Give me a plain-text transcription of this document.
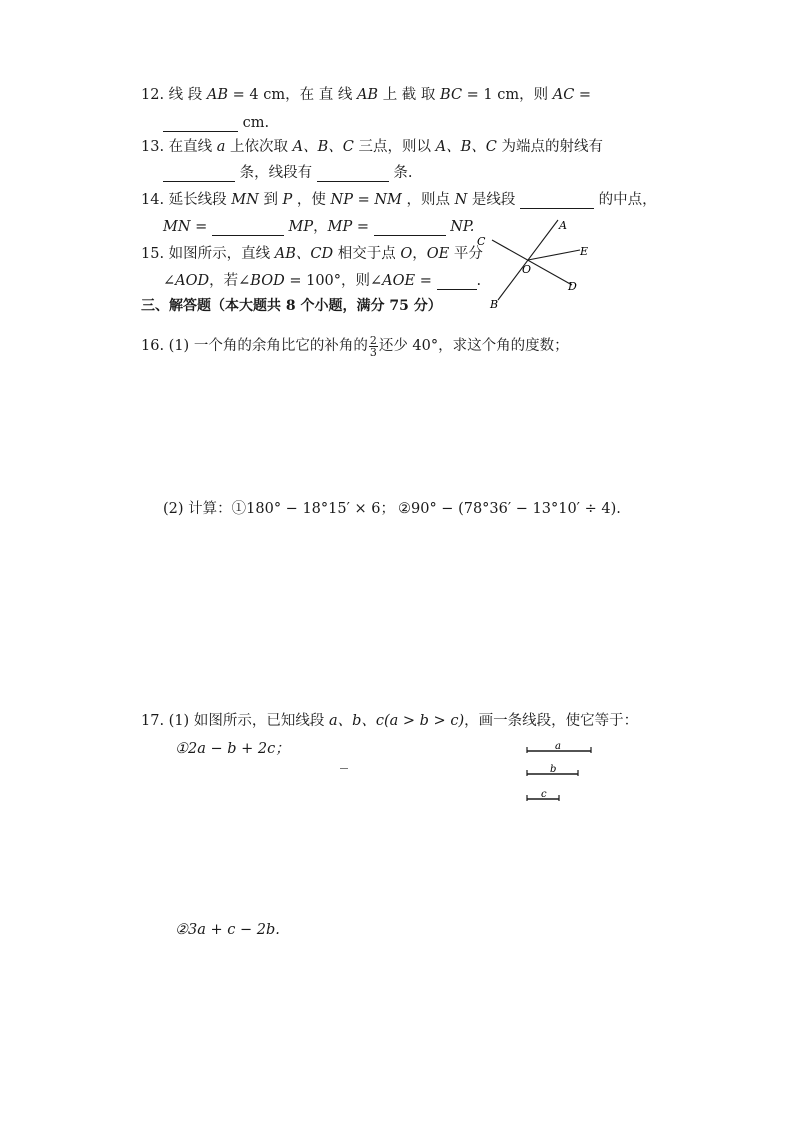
12. 线 段 AB = 4 cm，在 直 线 AB 上 截 取 BC = 1 cm，则 AC =
cm.
13. 在直线 a 上依次取 A、B、C 三点，则以 A、B、C 为端点的射线有
条，线段有	条.
14. 延长线段 MN 到 P ，使 NP = NM ，则点 N 是线段	的中点，
MN =	MP，MP =	NP.
15. 如图所示，直线 AB、CD 相交于点 O，OE 平分
∠AOD，若∠BOD = 100°，则∠AOE =	.
A
B
C
D
E
O
三、解答题（本大题共 8 个小题，满分 75 分）
16. (1) 一个角的余角比它的补角的 $\frac{2}{3}$ 还少 40°，求这个角的度数；
(2) 计算：①180° − 18°15′ × 6； ②90° − (78°36′ − 13°10′ ÷ 4).
17. (1) 如图所示，已知线段 a、b、c(a > b > c)，画一条线段，使它等于：
①2a − b + 2c；	a
b
c
②3a + c − 2b.
